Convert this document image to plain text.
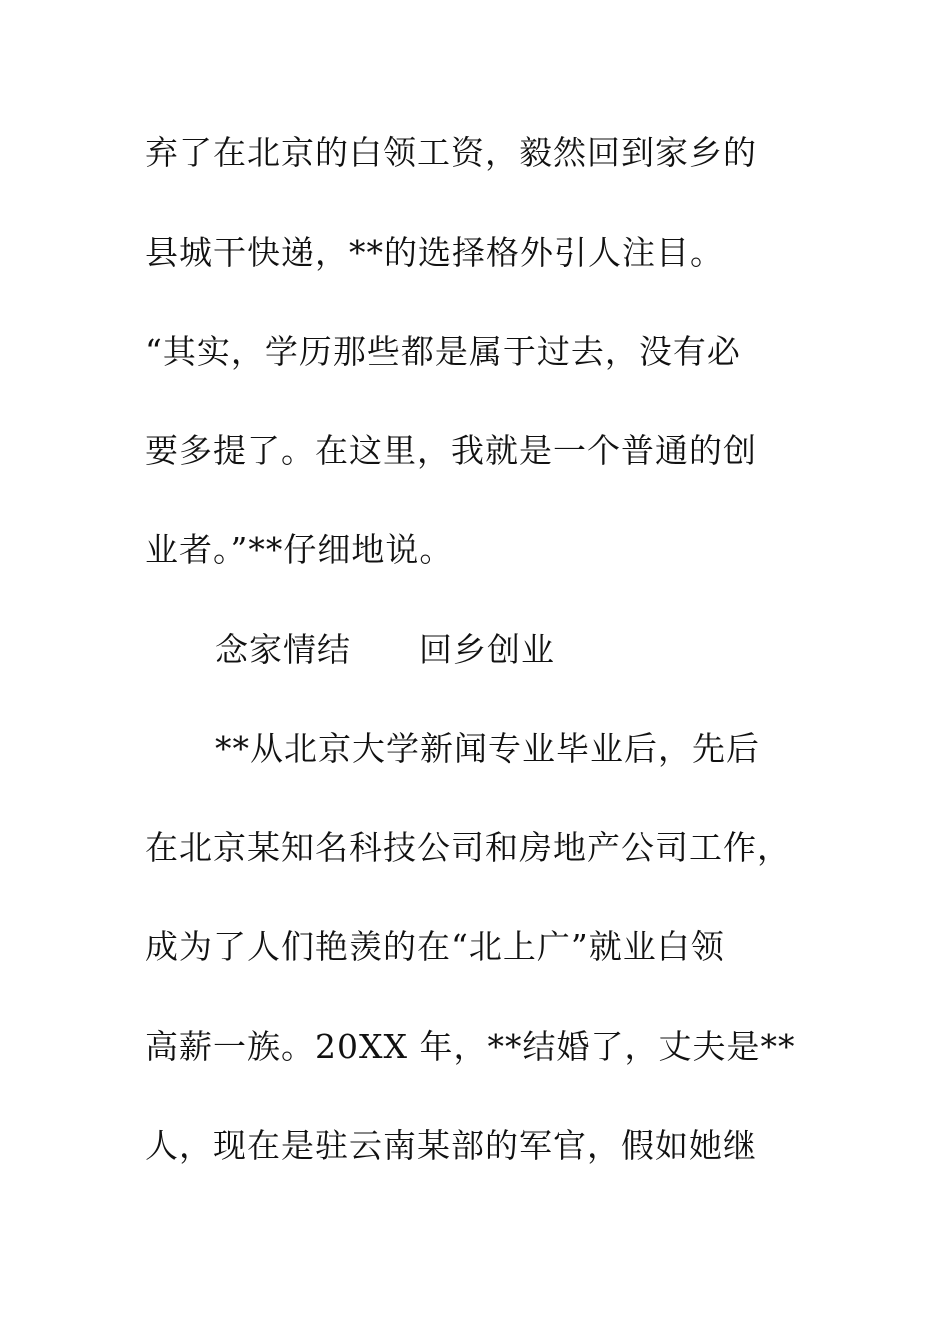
弃了在北京的白领工资，毅然回到家乡的
县城干快递，**的选择格外引人注目。
“其实，学历那些都是属于过去，没有必
要多提了。在这里，我就是一个普通的创
业者。”**仔细地说。
念家情结　　回乡创业
**从北京大学新闻专业毕业后，先后
在北京某知名科技公司和房地产公司工作，
成为了人们艳羡的在“北上广”就业白领
高薪一族。20XX 年，**结婚了，丈夫是**
人，现在是驻云南某部的军官，假如她继
